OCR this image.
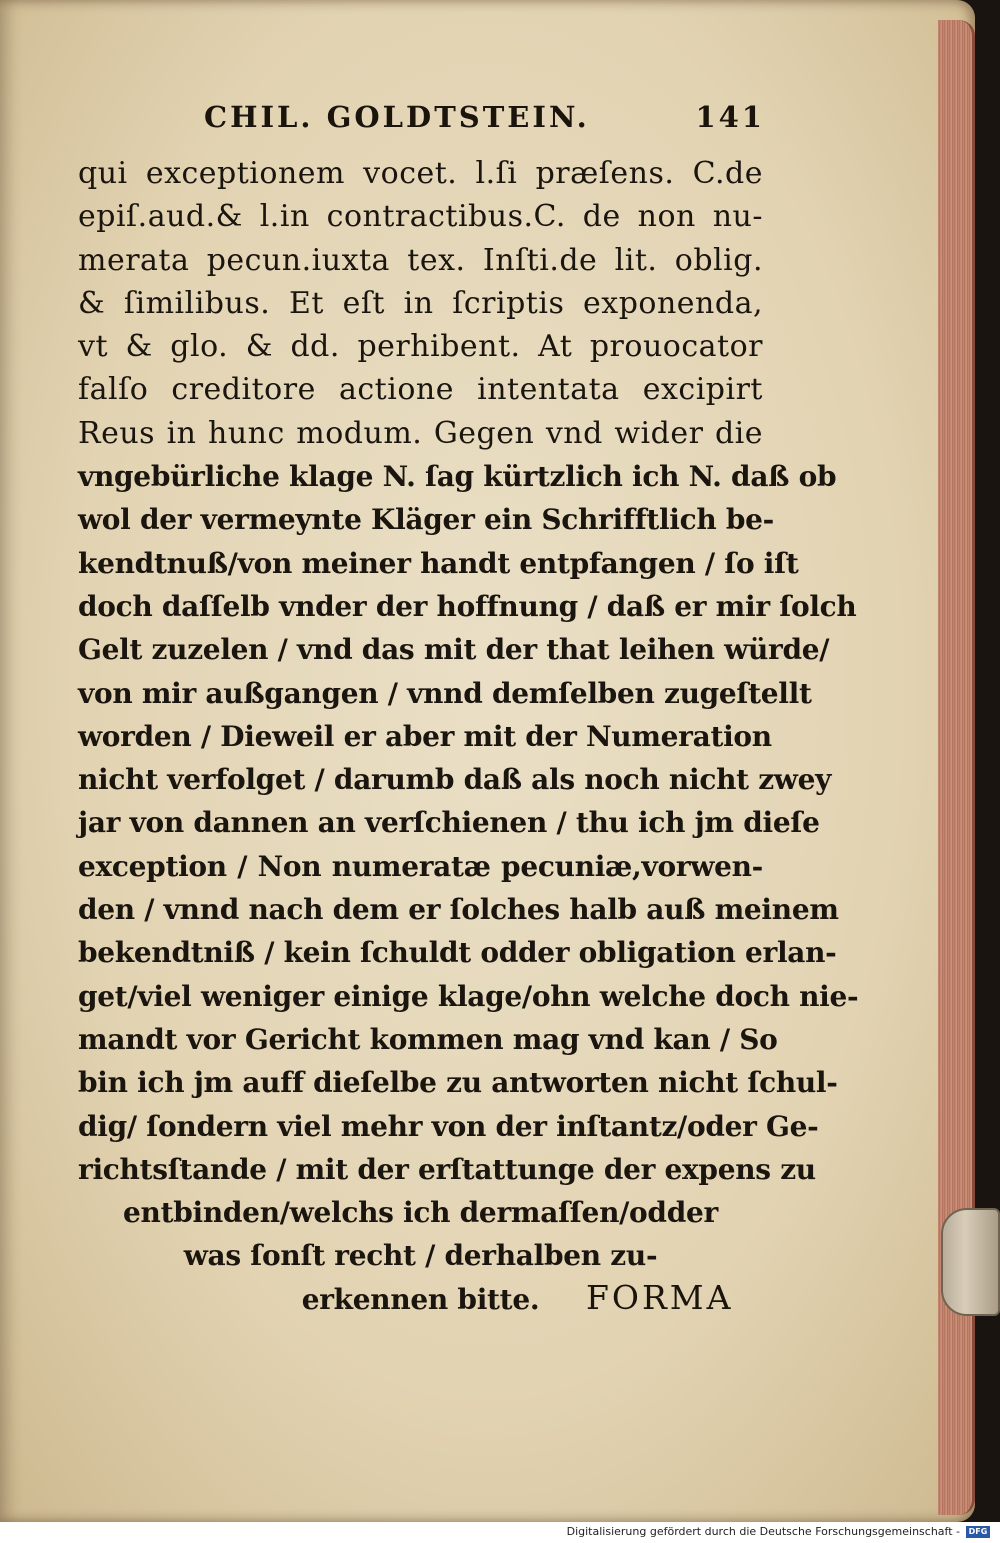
CHIL. GOLDTSTEIN.	141
qui exceptionem vocet. l.ſi præſens. C.de
epiſ.aud.& l.in contractibus.C. de non nu-
merata pecun.iuxta tex. Inſti.de lit. oblig.
& ſimilibus. Et eſt in ſcriptis exponenda,
vt & glo. & dd. perhibent. At prouocator
falſo creditore actione intentata excipirt
Reus in hunc modum. Gegen vnd wider die
vngebürliche klage N. ſag kürtzlich ich N. daß ob
wol der vermeynte Kläger ein Schrifftlich be-
kendtnuß/von meiner handt entpfangen / ſo iſt
doch daſſelb vnder der hoffnung / daß er mir ſolch
Gelt zuzelen / vnd das mit der that leihen würde/
von mir außgangen / vnnd demſelben zugeſtellt
worden / Dieweil er aber mit der Numeration
nicht verfolget / darumb daß als noch nicht zwey
jar von dannen an verſchienen / thu ich jm dieſe
exception / Non numeratæ pecuniæ,vorwen-
den / vnnd nach dem er ſolches halb auß meinem
bekendtniß / kein ſchuldt odder obligation erlan-
get/viel weniger einige klage/ohn welche doch nie-
mandt vor Gericht kommen mag vnd kan / So
bin ich jm auff dieſelbe zu antworten nicht ſchul-
dig/ ſondern viel mehr von der inſtantz/oder Ge-
richtsſtande / mit der erſtattunge der expens zu
entbinden/welchs ich dermaſſen/odder
was ſonſt recht / derhalben zu-
erkennen bitte.	FORMA
Digitalisierung gefördert durch die Deutsche Forschungsgemeinschaft -	DFG
